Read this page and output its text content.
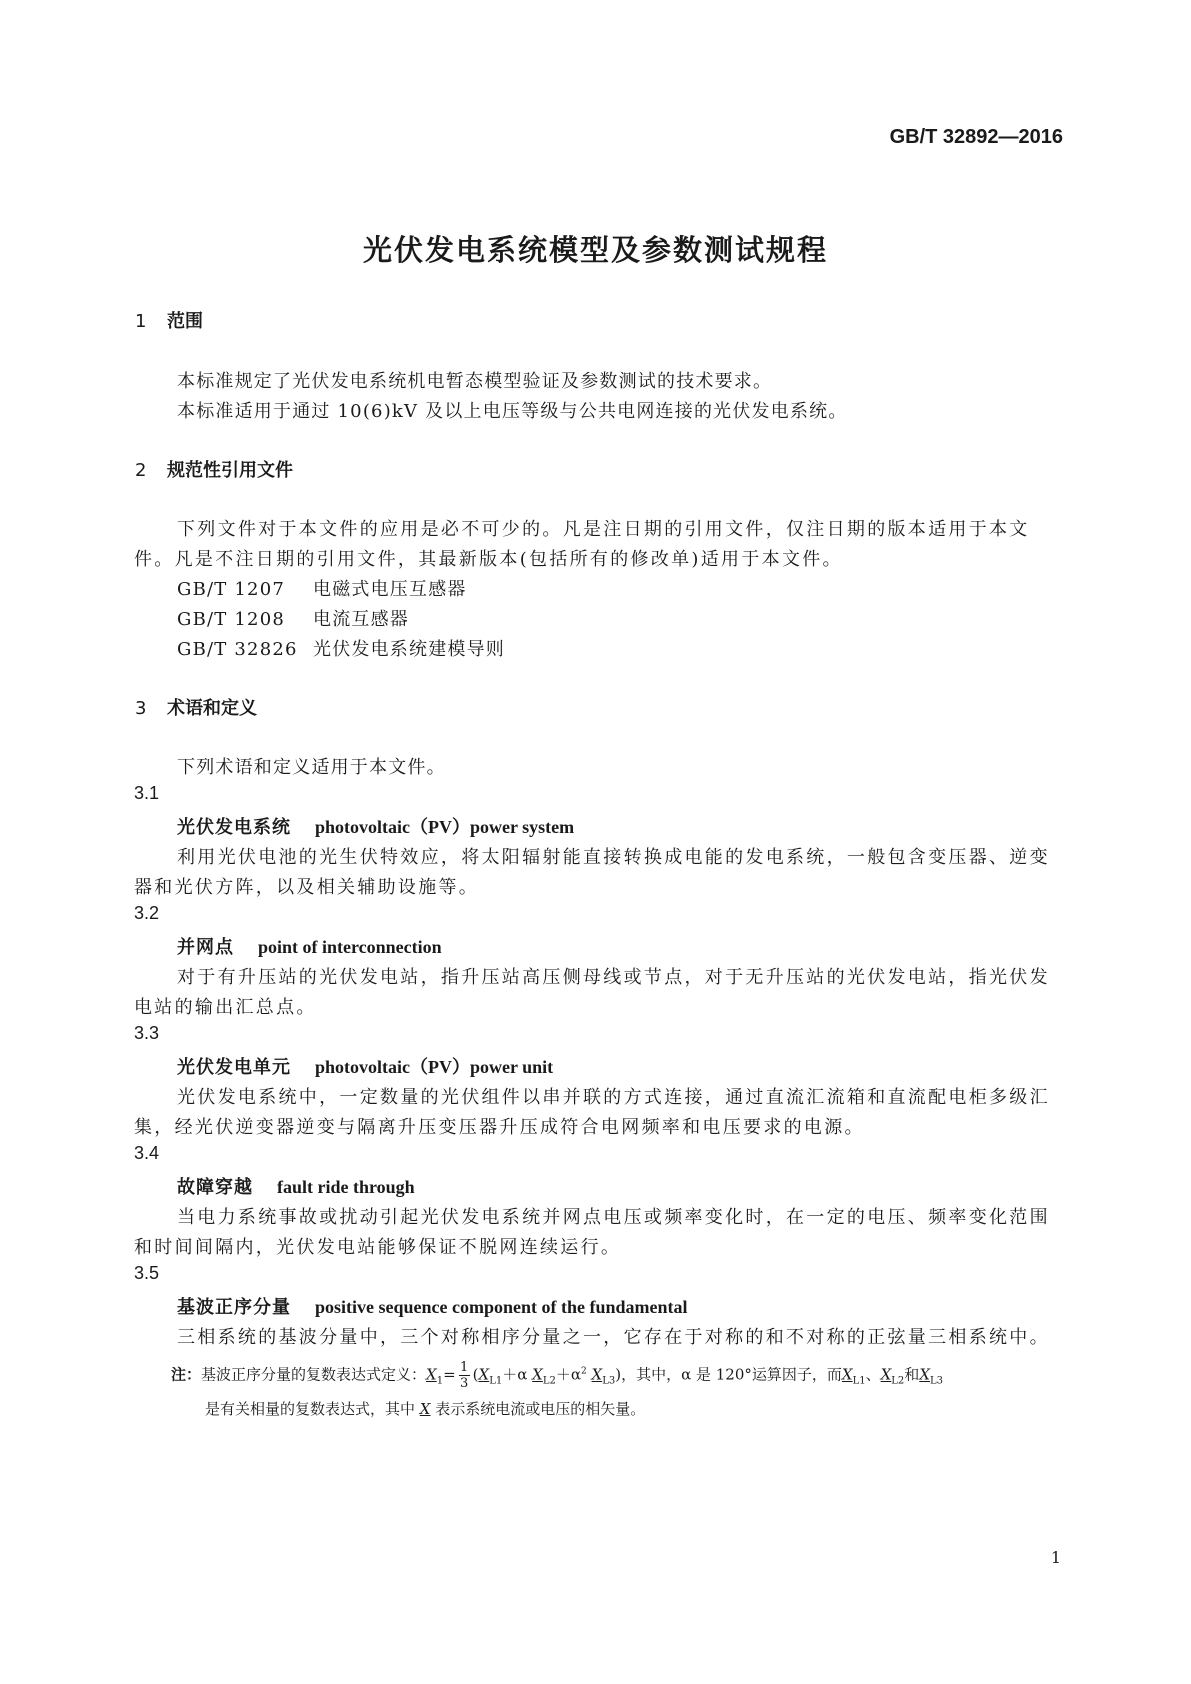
GB/T 32892—2016
光伏发电系统模型及参数测试规程
1 范围
本标准规定了光伏发电系统机电暂态模型验证及参数测试的技术要求。
本标准适用于通过 10(6)kV 及以上电压等级与公共电网连接的光伏发电系统。
2 规范性引用文件
下列文件对于本文件的应用是必不可少的。凡是注日期的引用文件，仅注日期的版本适用于本文
件。凡是不注日期的引用文件，其最新版本(包括所有的修改单)适用于本文件。
GB/T 1207 电磁式电压互感器
GB/T 1208 电流互感器
GB/T 32826 光伏发电系统建模导则
3 术语和定义
下列术语和定义适用于本文件。
3.1
光伏发电系统 photovoltaic（PV）power system
利用光伏电池的光生伏特效应，将太阳辐射能直接转换成电能的发电系统，一般包含变压器、逆变
器和光伏方阵，以及相关辅助设施等。
3.2
并网点 point of interconnection
对于有升压站的光伏发电站，指升压站高压侧母线或节点，对于无升压站的光伏发电站，指光伏发
电站的输出汇总点。
3.3
光伏发电单元 photovoltaic（PV）power unit
光伏发电系统中，一定数量的光伏组件以串并联的方式连接，通过直流汇流箱和直流配电柜多级汇
集，经光伏逆变器逆变与隔离升压变压器升压成符合电网频率和电压要求的电源。
3.4
故障穿越 fault ride through
当电力系统事故或扰动引起光伏发电系统并网点电压或频率变化时，在一定的电压、频率变化范围
和时间间隔内，光伏发电站能够保证不脱网连续运行。
3.5
基波正序分量 positive sequence component of the fundamental
三相系统的基波分量中，三个对称相序分量之一，它存在于对称的和不对称的正弦量三相系统中。
注：基波正序分量的复数表达式定义：$X_1= \frac{1}{3} (X_{L1}+\alpha$ $X_{L2}+\alpha^2$ $X_{L3}$)，其中，α 是 120°运算因子，而$X_{L1}$、$X_{L2}$和$X_{L3}$
是有关相量的复数表达式，其中 X 表示系统电流或电压的相矢量。
1
